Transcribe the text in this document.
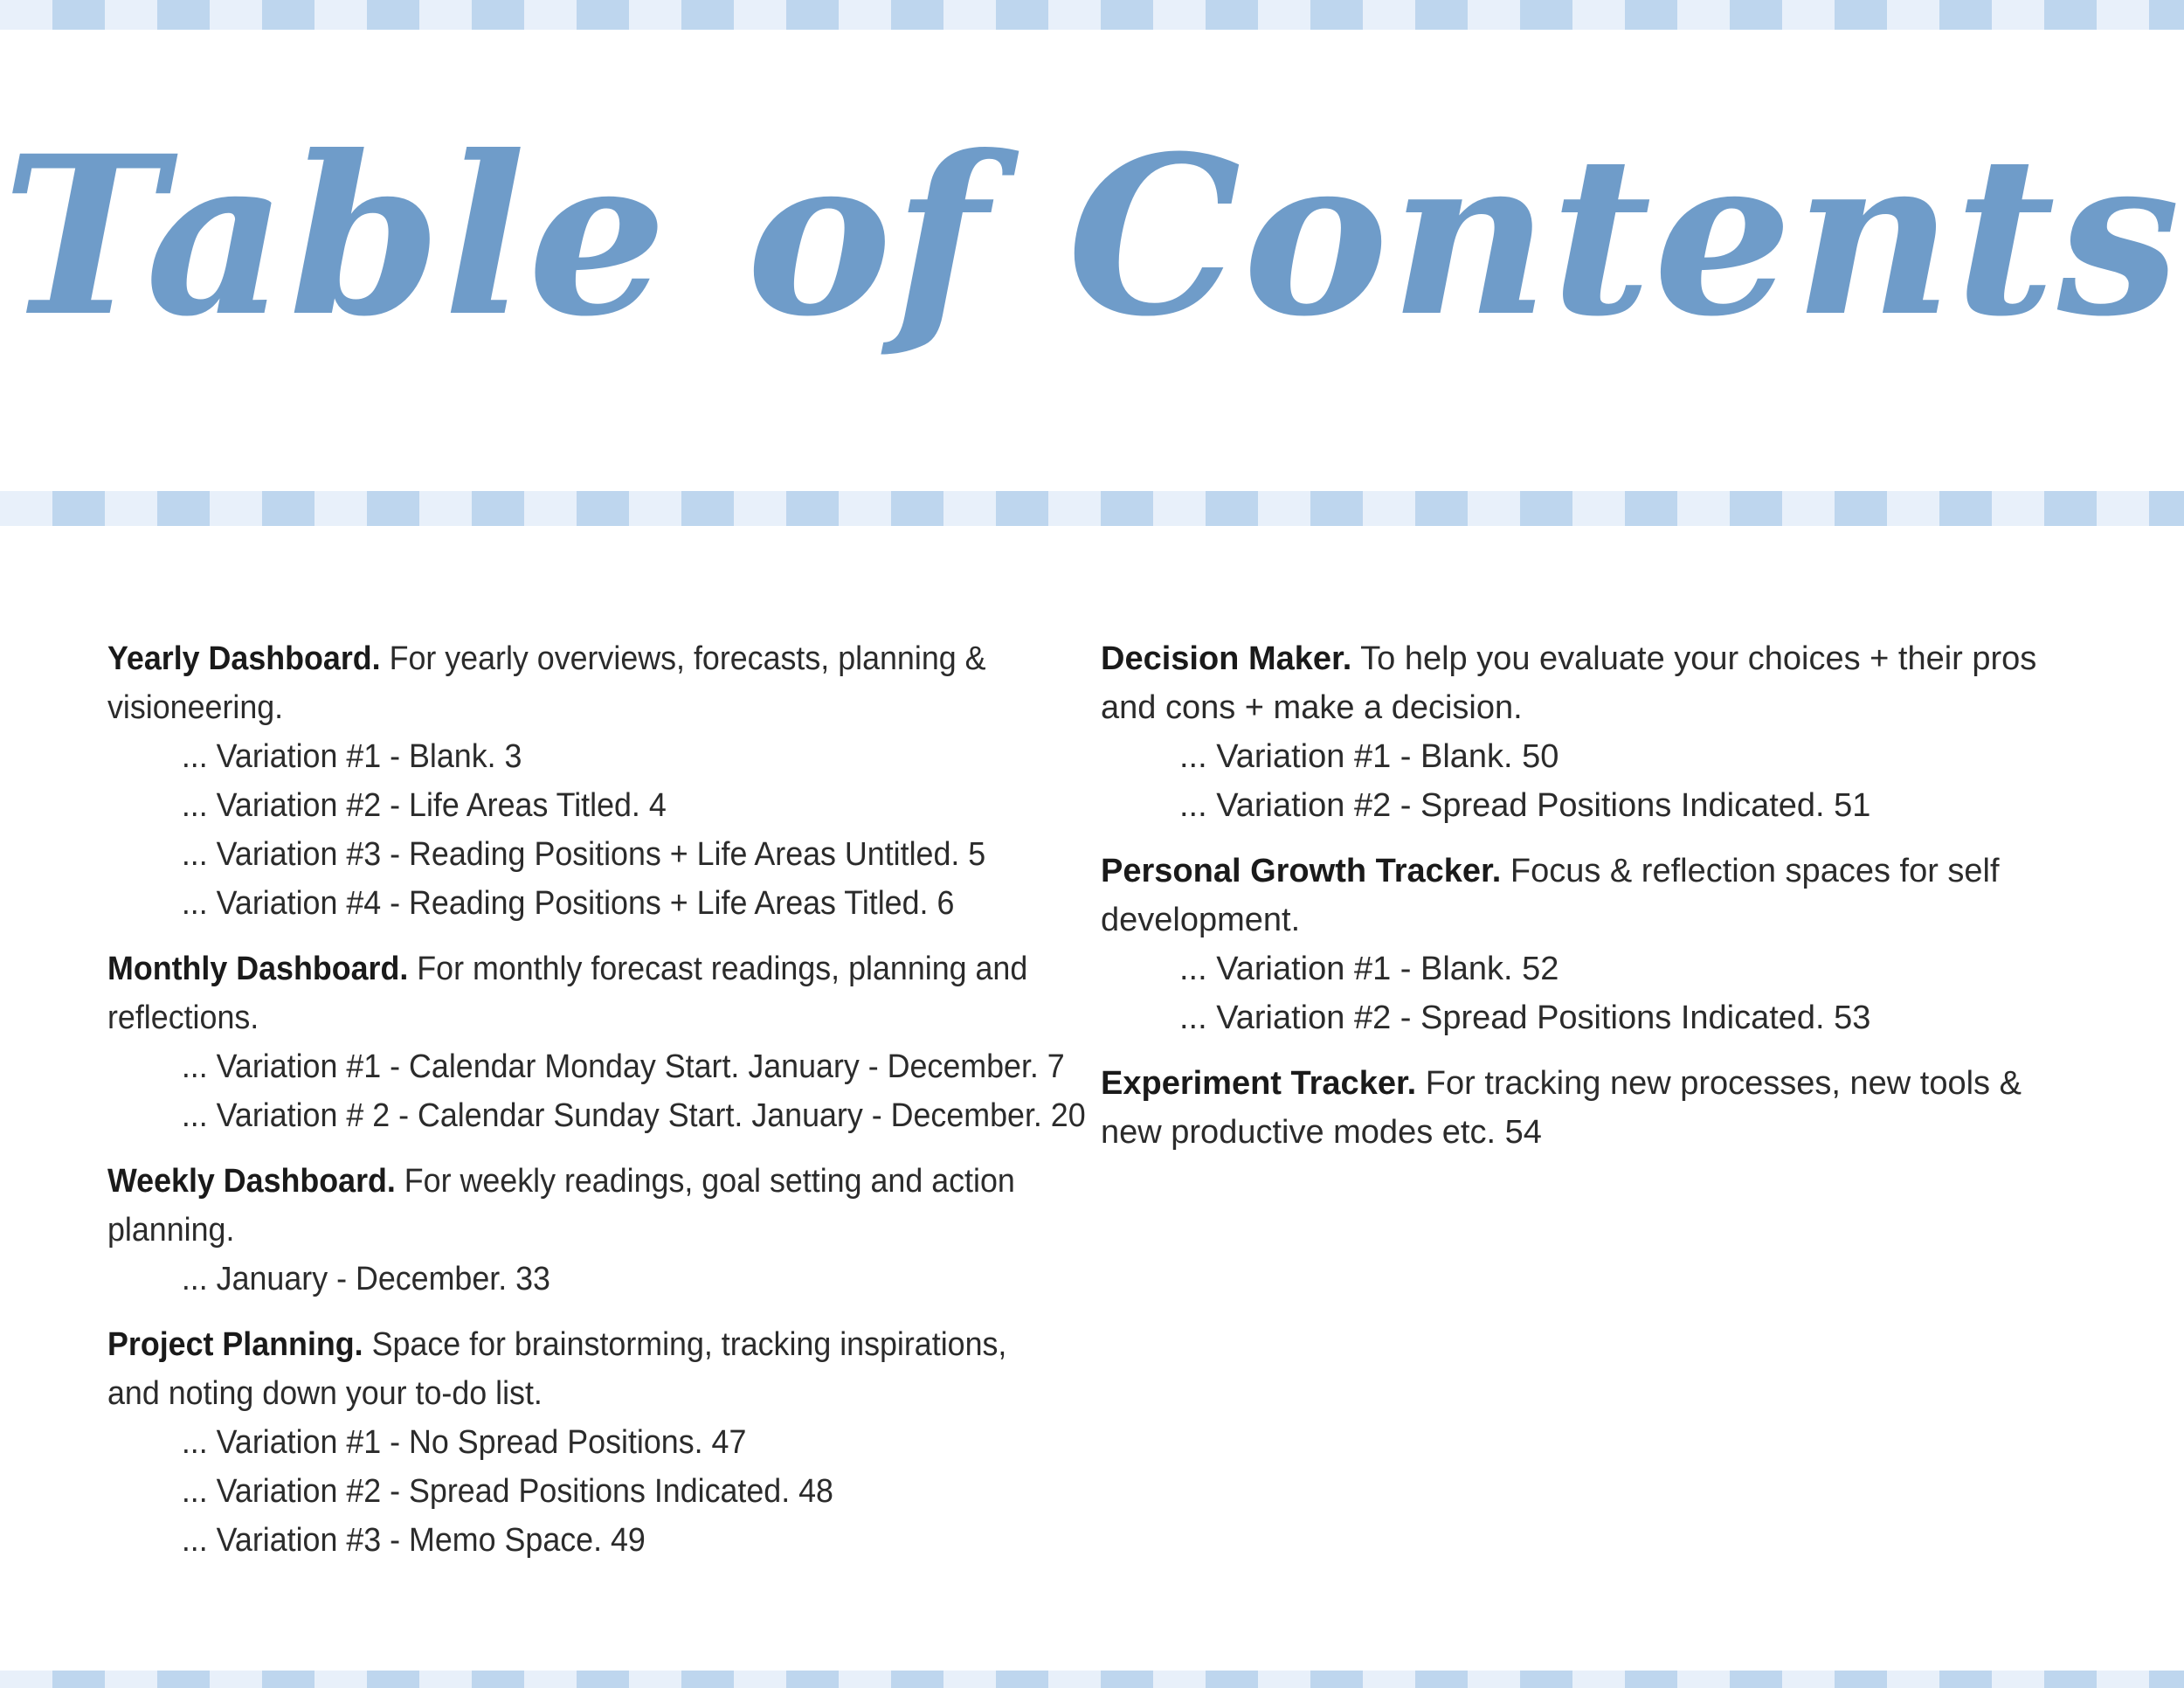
Table of Contents
Yearly Dashboard. For yearly overviews, forecasts, planning & visioneering.
... Variation #1 - Blank. 3
... Variation #2 - Life Areas Titled. 4
... Variation #3 - Reading Positions + Life Areas Untitled. 5
... Variation #4 - Reading Positions + Life Areas Titled. 6
Monthly Dashboard. For monthly forecast readings, planning and reflections.
... Variation #1 - Calendar Monday Start. January - December. 7
... Variation # 2 - Calendar Sunday Start. January - December. 20
Weekly Dashboard. For weekly readings, goal setting and action planning.
... January - December. 33
Project Planning. Space for brainstorming, tracking inspirations, and noting down your to-do list.
... Variation #1 - No Spread Positions. 47
... Variation #2 - Spread Positions Indicated. 48
... Variation #3 - Memo Space. 49
Decision Maker. To help you evaluate your choices + their pros and cons + make a decision.
... Variation #1 - Blank. 50
... Variation #2 - Spread Positions Indicated. 51
Personal Growth Tracker. Focus & reflection spaces for self development.
... Variation #1 - Blank. 52
... Variation #2 - Spread Positions Indicated. 53
Experiment Tracker. For tracking new processes, new tools & new productive modes etc. 54
